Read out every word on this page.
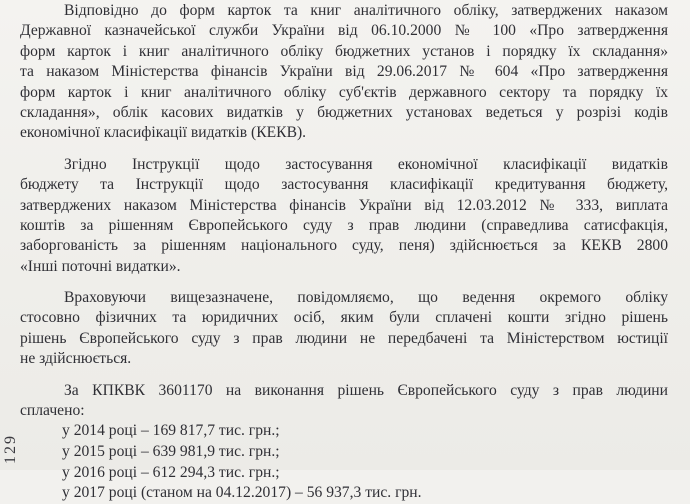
Відповідно до форм карток та книг аналітичного обліку, затверджених наказом
Державної казначейської служби України від 06.10.2000 № 100 «Про затвердження
форм карток і книг аналітичного обліку бюджетних установ і порядку їх складання»
та наказом Міністерства фінансів України від 29.06.2017 № 604 «Про затвердження
форм карток і книг аналітичного обліку суб'єктів державного сектору та порядку їх
складання», облік касових видатків у бюджетних установах ведеться у розрізі кодів
економічної класифікації видатків (КЕКВ).
Згідно Інструкції щодо застосування економічної класифікації видатків
бюджету та Інструкції щодо застосування класифікації кредитування бюджету,
затверджених наказом Міністерства фінансів України від 12.03.2012 № 333, виплата
коштів за рішенням Європейського суду з прав людини (справедлива сатисфакція,
заборгованість за рішенням національного суду, пеня) здійснюється за КЕКВ 2800
«Інші поточні видатки».
Враховуючи вищезазначене, повідомляємо, що ведення окремого обліку
стосовно фізичних та юридичних осіб, яким були сплачені кошти згідно рішень
рішень Європейського суду з прав людини не передбачені та Міністерством юстиції
не здійснюється.
За КПКВК 3601170 на виконання рішень Європейського суду з прав людини
сплачено:
у 2014 році – 169 817,7 тис. грн.;
у 2015 році – 639 981,9 тис. грн.;
у 2016 році – 612 294,3 тис. грн.;
у 2017 році (станом на 04.12.2017) – 56 937,3 тис. грн.
129
